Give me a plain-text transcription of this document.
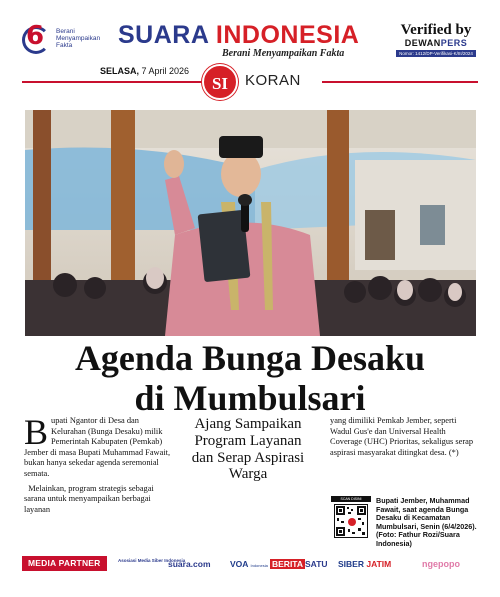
6 Berani Menyampaikan Fakta	SUARA INDONESIA
Berani Menyampaikan Fakta
Verified by
DEWANPERS
Nomor: 1412/DP-Verifikasi-K/III/2024
SELASA, 7 April 2026
SI	KORAN
Agenda Bunga Desaku
di Mumbulsari

Bupati Ngantor di Desa dan Kelurahan (Bunga Desaku) milik Pemerintah Kabupaten (Pemkab) Jember di masa Bupati Muhammad Fawait, bukan hanya sekedar agenda seremonial semata.

Melainkan, program strategis sebagai sarana untuk menyampaikan berbagai layanan

Ajang Sampaikan Program Layanan dan Serap Aspirasi Warga

yang dimiliki Pemkab Jember, seperti Wadul Gus'e dan Universal Health Coverage (UHC) Prioritas, sekaligus serap aspirasi masyarakat ditingkat desa. (*)

SCAN DISINI	Bupati Jember, Muhammad Fawait, saat agenda Bunga Desaku di Kecamatan Mumbulsari, Senin (6/4/2026). (Foto: Fathur Rozi/Suara Indonesia)
MEDIA PARTNER	Asosiasi Media Siber Indonesia
suara.com VOA Indonesia BERITA SATU SIBER JATIM	ngepopo
